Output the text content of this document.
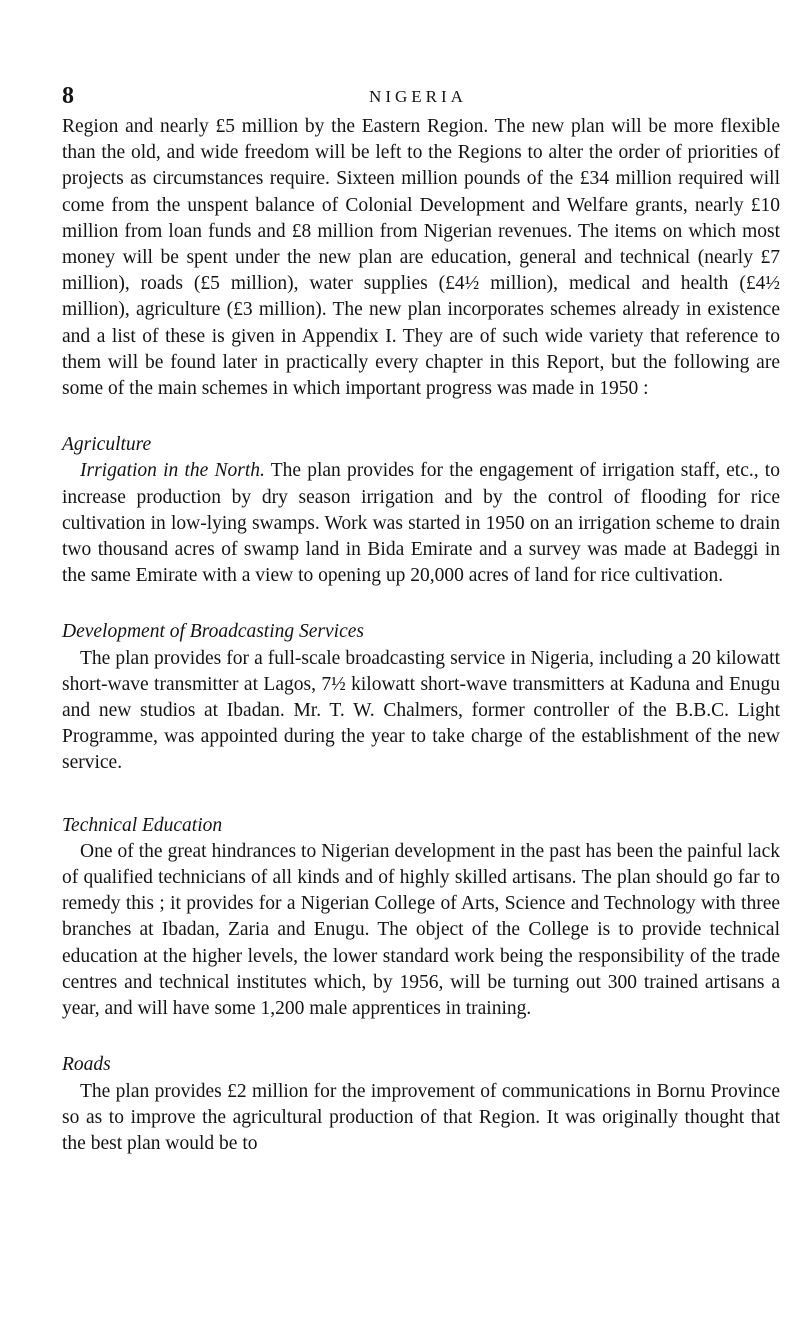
8	NIGERIA

Region and nearly £5 million by the Eastern Region. The new plan will be more flexible than the old, and wide freedom will be left to the Regions to alter the order of priorities of projects as circumstances require. Sixteen million pounds of the £34 million required will come from the unspent balance of Colonial Development and Welfare grants, nearly £10 million from loan funds and £8 million from Nigerian revenues. The items on which most money will be spent under the new plan are education, general and technical (nearly £7 million), roads (£5 million), water supplies (£4½ million), medical and health (£4½ million), agriculture (£3 million). The new plan incorporates schemes already in existence and a list of these is given in Appendix I. They are of such wide variety that reference to them will be found later in practically every chapter in this Report, but the following are some of the main schemes in which important progress was made in 1950 :

Agriculture

Irrigation in the North. The plan provides for the engagement of irrigation staff, etc., to increase production by dry season irrigation and by the control of flooding for rice cultivation in low-lying swamps. Work was started in 1950 on an irrigation scheme to drain two thousand acres of swamp land in Bida Emirate and a survey was made at Badeggi in the same Emirate with a view to opening up 20,000 acres of land for rice cultivation.

Development of Broadcasting Services

The plan provides for a full-scale broadcasting service in Nigeria, including a 20 kilowatt short-wave transmitter at Lagos, 7½ kilowatt short-wave transmitters at Kaduna and Enugu and new studios at Ibadan. Mr. T. W. Chalmers, former controller of the B.B.C. Light Programme, was appointed during the year to take charge of the establishment of the new service.

Technical Education

One of the great hindrances to Nigerian development in the past has been the painful lack of qualified technicians of all kinds and of highly skilled artisans. The plan should go far to remedy this ; it provides for a Nigerian College of Arts, Science and Technology with three branches at Ibadan, Zaria and Enugu. The object of the College is to provide technical education at the higher levels, the lower standard work being the responsibility of the trade centres and technical institutes which, by 1956, will be turning out 300 trained artisans a year, and will have some 1,200 male apprentices in training.

Roads

The plan provides £2 million for the improvement of communications in Bornu Province so as to improve the agricultural production of that Region. It was originally thought that the best plan would be to
